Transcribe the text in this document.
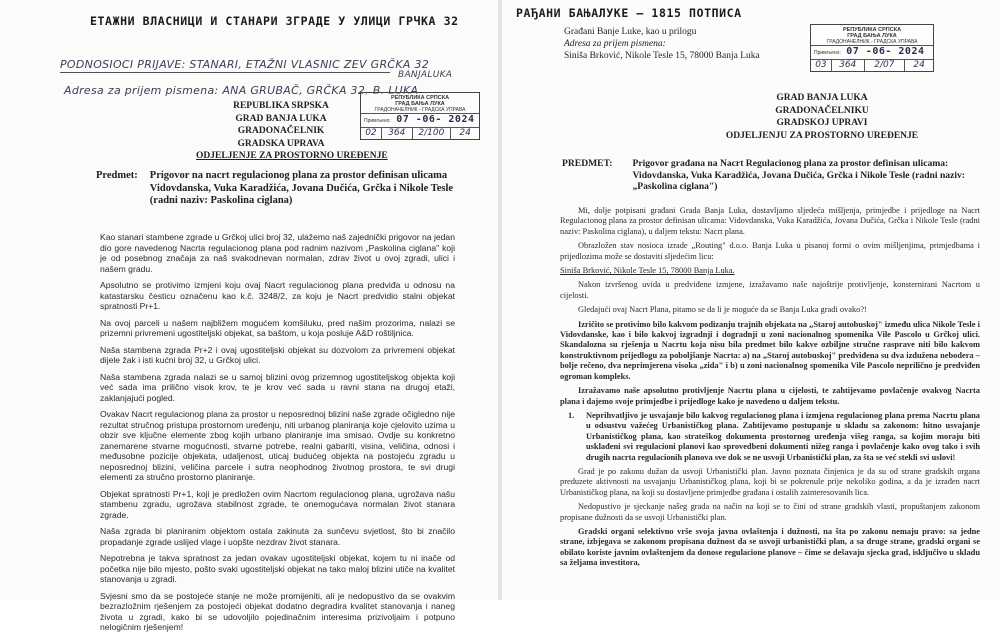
ЕТАЖНИ ВЛАСНИЦИ И СТАНАРИ ЗГРАДЕ У УЛИЦИ ГРЧКА 32
PODNOSIOCI PRIJAVE: STANARI, ETAŽNI VLASNIC ZEV GRČKA 32
BANJALUKA
Adresa za prijem pismena: ANA GRUBAČ, GRČKA 32, B. LUKA
REPUBLIKA SRPSKA
GRAD BANJA LUKA
GRADONAČELNIK
GRADSKA UPRAVA
ODJELJENJE ZA PROSTORNO UREĐENJE
РЕПУБЛИКА СРПСКА
ГРАД БАЊА ЛУКА
ГРАДОНАЧЕЛНИК - ГРАДСКА УПРАВА
Примљено: 07 -06- 2024
02	364	2/100	24
Predmet: Prigovor na nacrt regulacionog plana za prostor definisan ulicama Vidovdanska, Vuka Karadžića, Jovana Dučića, Grčka i Nikole Tesle (radni naziv: Paskolina ciglana)

Kao stanari stambene zgrade u Grčkoj ulici broj 32, ulažemo naš zajednički prigovor na jedan dio gore navedenog Nacrta regulacionog plana pod radnim nazivom „Paskolina ciglana" koji je od posebnog značaja za naš svakodnevan normalan, zdrav život u ovoj zgradi, ulici i našem gradu.

Apsolutno se protivimo izmjeni koju ovaj Nacrt regulacionog plana predviđa u odnosu na katastarsku česticu označenu kao k.č. 3248/2, za koju je Nacrt predvidio stalni objekat spratnosti Pr+1.

Na ovoj parceli u našem najbližem mogućem komšiluku, pred našim prozorima, nalazi se prizemni privremeni ugostiteljski objekat, sa baštom, u koja posluje A&D roštiljnica.

Naša stambena zgrada Pr+2 i ovaj ugostiteljski objekat su dozvolom za privremeni objekat dijele žak i isti kućni broj 32, u Grčkoj ulici.

Naša stambena zgrada nalazi se u samoj blizini ovog prizemnog ugostiteljskog objekta koji već sada ima prilično visok krov, te je krov već sada u ravni stana na drugoj etaži, zaklanjajući pogled.

Ovakav Nacrt regulacionog plana za prostor u neposrednoj blizini naše zgrade očigledno nije rezultat stručnog pristupa prostornom uređenju, niti urbanog planiranja koje cjelovito uzima u obzir sve ključne elemente zbog kojih urbano planiranje ima smisao. Ovdje su konkretno zanemarene stvarne mogućnosti, stvarne potrebe, realni gabariti, visina, veličina, odnosi i međusobne pozicije objekata, udaljenost, uticaj budućeg objekta na postojeću zgradu u neposrednoj blizini, veličina parcele i sutra neophodnog životnog prostora, te svi drugi elementi za stručno prostorno planiranje.

Objekat spratnosti Pr+1, koji je predložen ovim Nacrtom regulacionog plana, ugrožava našu stambenu zgradu, ugrožava stabilnost zgrade, te onemogućava normalan život stanara zgrade.

Naša zgrada bi planiranim objektom ostala zakinuta za sunčevu svjetlost, što bi značilo propadanje zgrade uslijed vlage i uopšte nezdrav život stanara.

Nepotrebna je takva spratnost za jedan ovakav ugostiteljski objekat, kojem tu ni inače od početka nije bilo mjesto, pošto svaki ugostiteljski objekat na tako maloj blizini utiče na kvalitet stanovanja u zgradi.

Svjesni smo da se postojeće stanje ne može promijeniti, ali je nedopustivo da se ovakvim bezrazložnim rješenjem za postojeći objekat dodatno degradira kvalitet stanovanja i naneg života u zgradi, kako bi se udovoljilo pojedinačnim interesima prizivoljaim i potpuno nelogičnim rješenjem!

РАЂАНИ БАЊАЛУКЕ – 1815 ПОТПИСА
Građani Banje Luke, kao u prilogu
Adresa za prijem pismena:
Siniša Brković, Nikole Tesle 15, 78000 Banja Luka
РЕПУБЛИКА СРПСКА
ГРАД БАЊА ЛУКА
ГРАДОНАЧЕЛНИК - ГРАДСКА УПРАВА
Примљено: 07 -06- 2024
03	364	2/07	24
GRAD BANJA LUKA
GRADONAČELNIKU
GRADSKOJ UPRAVI
ODJELJENJU ZA PROSTORNO UREĐENJE
PREDMET: Prigovor građana na Nacrt Regulacionog plana za prostor definisan ulicama: Vidovdanska, Vuka Karadžića, Jovana Dučića, Grčka i Nikole Tesle (radni naziv: „Paskolina ciglana")

Mi, dolje potpisani građani Grada Banja Luka, dostavljamo sljedeća mišljenja, primjedbe i prijedloge na Nacrt Regulacionog plana za prostor definisan ulicama: Vidovdanska, Vuka Karadžića, Jovana Dučića, Grčka i Nikole Tesle (radni naziv: Paskolina ciglana), u daljem tekstu: Nacrt plana.

Obrazložen stav nosioca izrade „Routing" d.o.o. Banja Luka u pisanoj formi o ovim mišljenjima, primjedbama i prijedlozima može se dostaviti sljedećim licu:

Siniša Brković, Nikole Tesle 15, 78000 Banja Luka.

Nakon izvršenog uvida u predviđene izmjene, izražavamo naše najoštrije protivljenje, konsternirani Nacrtom u cijelosti.

Gledajući ovaj Nacrt Plana, pitamo se da li je moguće da se Banja Luka gradi ovako?!

Izričito se protivimo bilo kakvom podizanju trajnih objekata na „Starој autobuskoj" između ulica Nikole Tesle i Vidovdanske, kao i bilo kakvoj izgradnji i dogradnji u zoni nacionalnog spomenika Vile Pascolo u Grčkoj ulici. Skandalozna su rješenja u Nacrtu koja nisu bila predmet bilo kakve ozbiljne stručne rasprave niti bilo kakvom konstruktivnom prijedlogu za poboljšanje Nacrta: a) na „Staroj autobuskoj" predviđena su dva izdužena nebodera – bolje rečeno, dva neprimjerena visoka „zida" i b) u zoni nacionalnog spomenika Vile Pascolo nepriličnо je predviđen ogroman kompleks.

Izražavamo naše apsolutno protivljenje Nacrtu plana u cijelosti, te zahtijevamo povlačenje ovakvog Nacrta plana i dajemo svoje primjedbe i prijedloge kako je navedeno u daljem tekstu.

1.	Neprihvatljivo je usvajanje bilo kakvog regulacionog plana i izmjena regulacionog plana prema Nacrtu plana u odsustvu važećeg Urbanističkog plana. Zahtijevamo postupanje u skladu sa zakonom: hitno usvajanje Urbanističkog plana, kao strateškog dokumenta prostornog uređenja višeg ranga, sa kojim moraju biti usklađeni svi regulacioni planovi kao sprovedbeni dokumenti nižeg ranga i povlačenje kako ovog tako i svih drugih nacrta regulacionih planova sve dok se ne usvoji Urbanistički plan, za šta se već steklі svi uslovi!

Grad je po zakonu dužan da usvoji Urbanistički plan. Javno poznata činjenica je da su od strane gradskih organa preduzete aktivnosti na usvajanju Urbanističkog plana, koji bi se pokrenule prije nekoliko godina, a da je izrađen nacrt Urbanističkog plana, na koji su dostavljene primjedbe građana i ostalih zainteresovanih lica.

Nedopustivo je sjeckanje našeg grada na način na koji se to čini od strane gradskih vlasti, propuštanjem zakonom propisane dužnosti da se usvoji Urbanistički plan.

Gradski organi selektivno vrše svoja javna ovlaštenja i dužnosti, na šta po zakonu nemaju pravo: sa jedne strane, izbjegava se zakonom propisana dužnost da se usvoji urbanistički plan, a sa druge strane, gradski organi se obilato koriste javnim ovlaštenjem da donose regulacione planove – čime se dešavaju sjecka grad, isključivo u skladu sa željama investitora,
